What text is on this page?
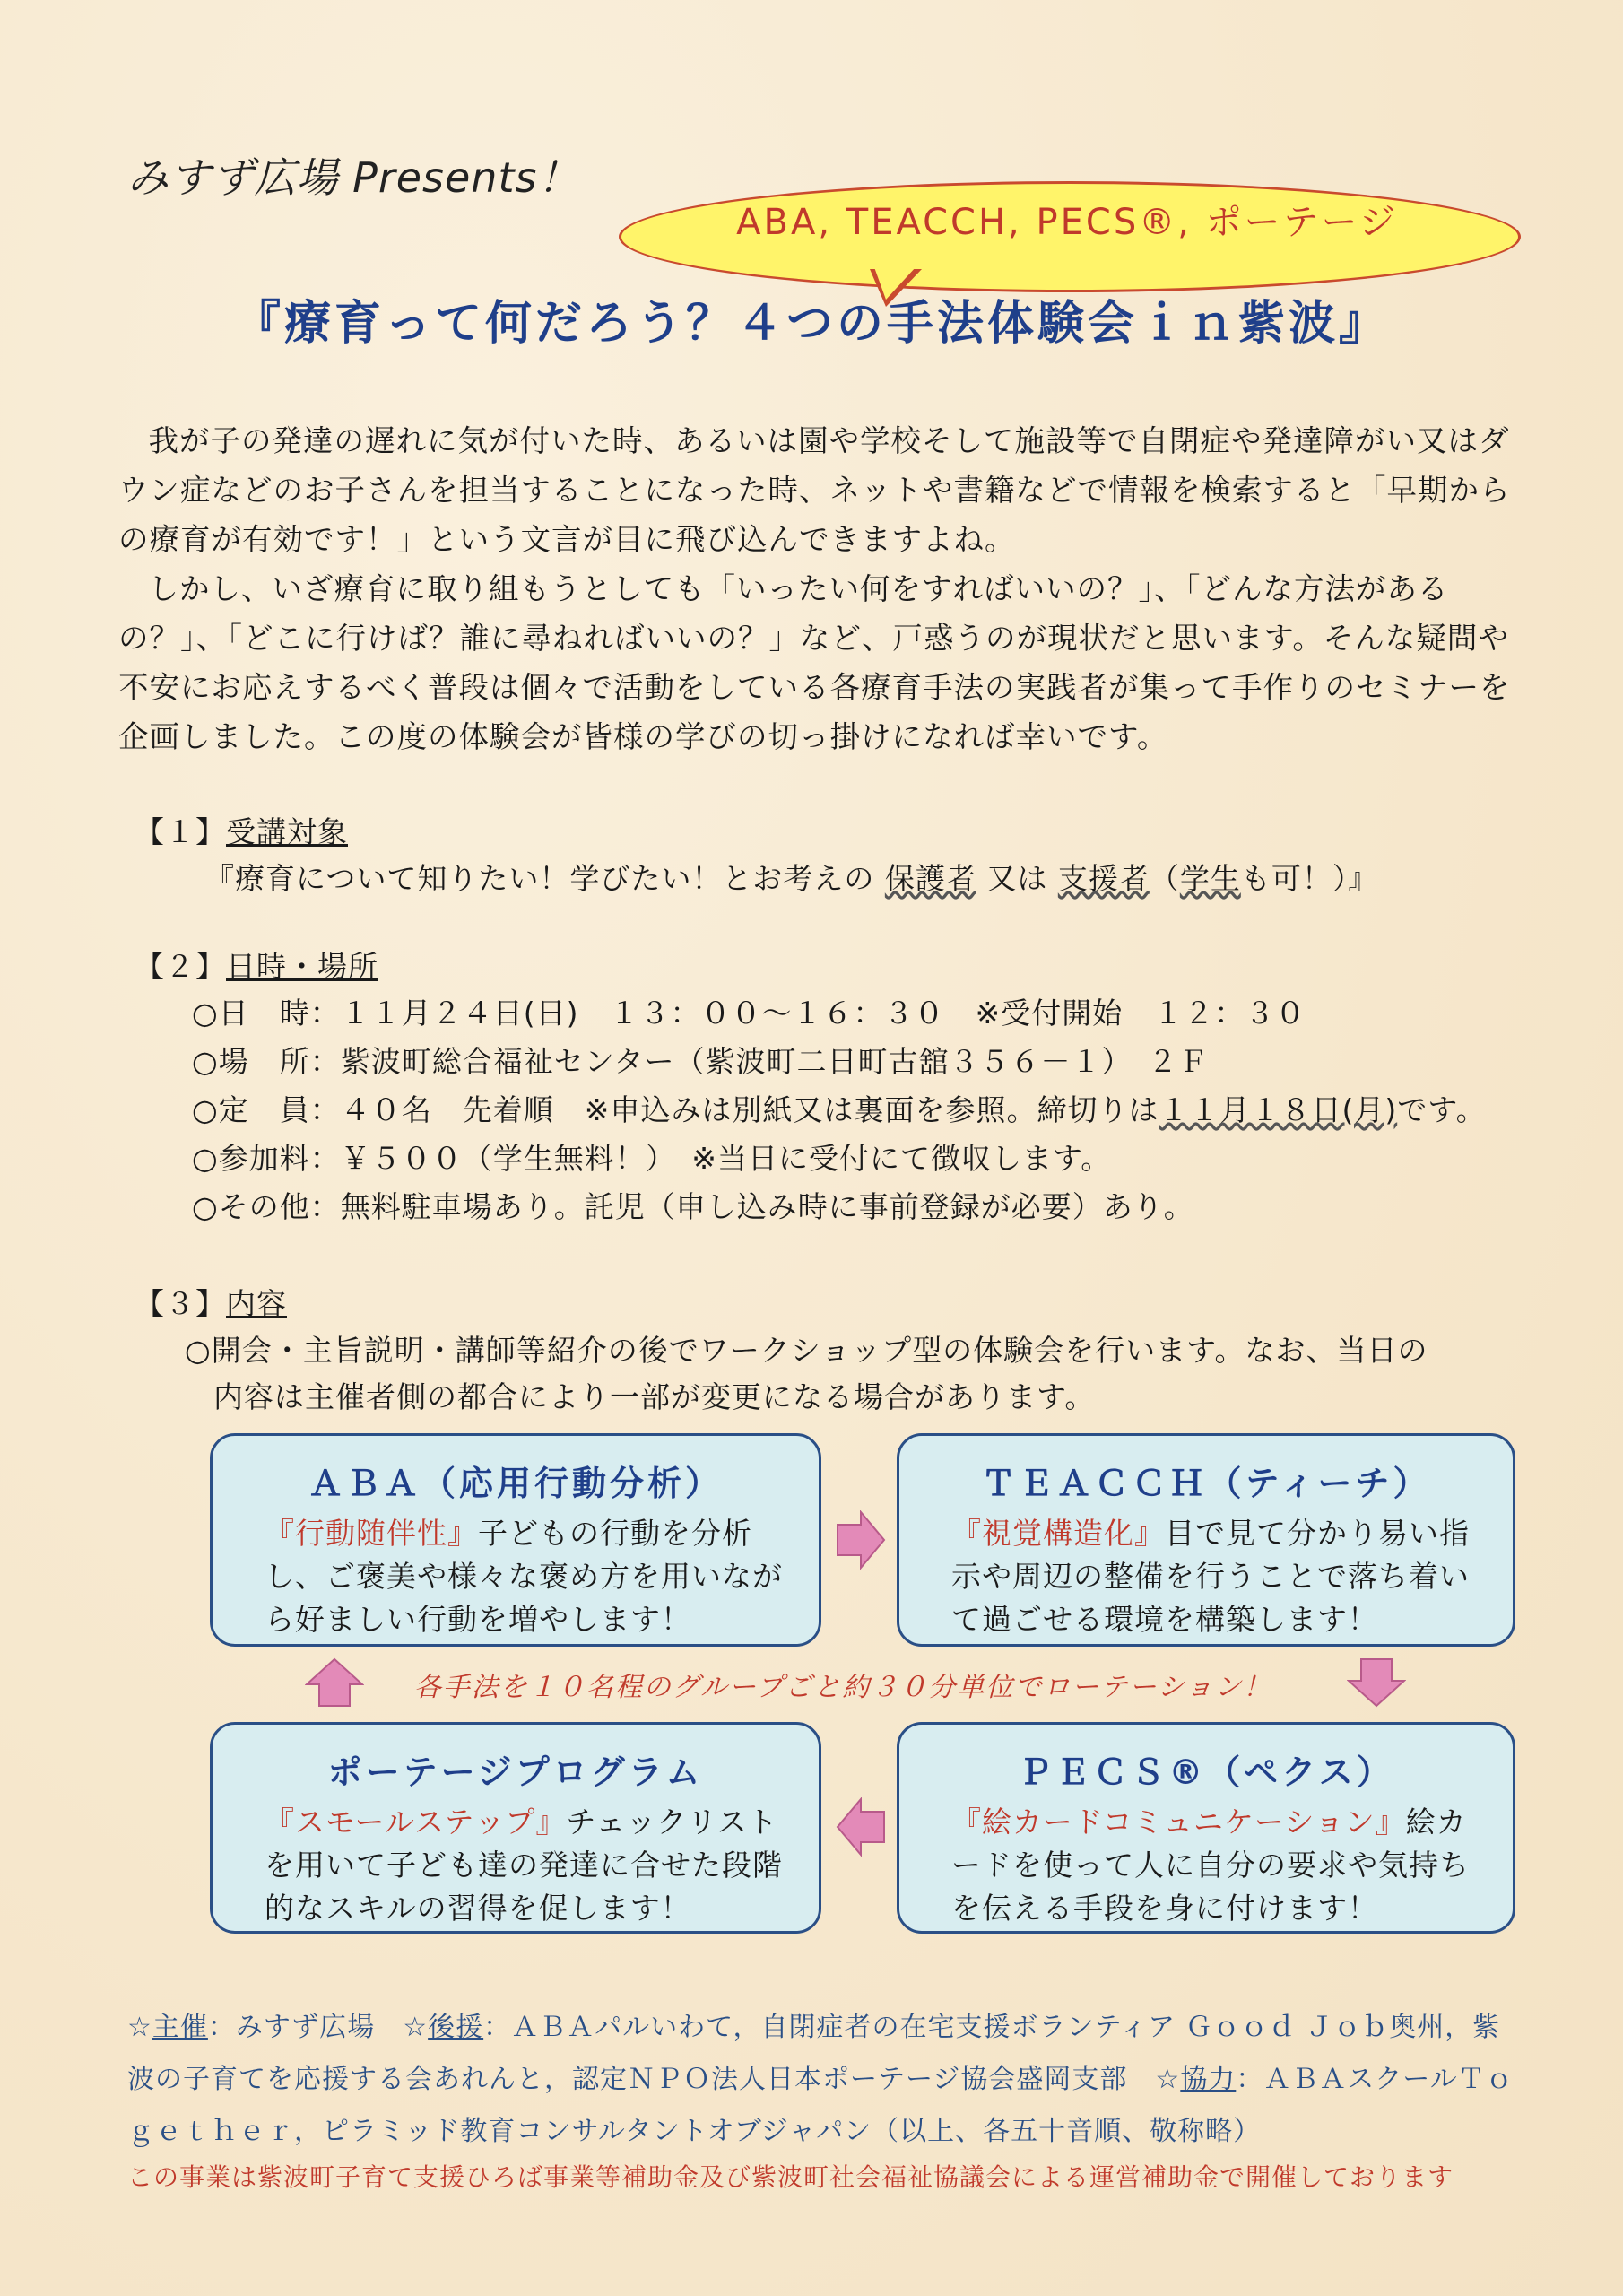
みすず広場 Presents！
ABA, TEACCH, PECS®, ポーテージ
『療育って何だろう？４つの手法体験会ｉｎ紫波』

我が子の発達の遅れに気が付いた時、あるいは園や学校そして施設等で自閉症や発達障がい又はダウン症などのお子さんを担当することになった時、ネットや書籍などで情報を検索すると「早期からの療育が有効です！」という文言が目に飛び込んできますよね。

しかし、いざ療育に取り組もうとしても「いったい何をすればいいの？」、「どんな方法があるの？」、「どこに行けば？誰に尋ねればいいの？」など、戸惑うのが現状だと思います。そんな疑問や不安にお応えするべく普段は個々で活動をしている各療育手法の実践者が集って手作りのセミナーを企画しました。この度の体験会が皆様の学びの切っ掛けになれば幸いです。

【１】受講対象
『療育について知りたい！学びたい！とお考えの 保護者 又は 支援者（学生も可！）』
【２】日時・場所
○日　時：１１月２４日(日)　１３：００～１６：３０　※受付開始　１２：３０
○場　所：紫波町総合福祉センター（紫波町二日町古舘３５６－１）　２Ｆ
○定　員：４０名　先着順　※申込みは別紙又は裏面を参照。締切りは１１月１８日(月)です。
○参加料：￥５００（学生無料！）　※当日に受付にて徴収します。
○その他：無料駐車場あり。託児（申し込み時に事前登録が必要）あり。
【３】内容
○開会・主旨説明・講師等紹介の後でワークショップ型の体験会を行います。なお、当日の
内容は主催者側の都合により一部が変更になる場合があります。
ＡＢＡ（応用行動分析）
『行動随伴性』子どもの行動を分析し、ご褒美や様々な褒め方を用いながら好ましい行動を増やします！
ＴＥＡＣＣＨ（ティーチ）
『視覚構造化』目で見て分かり易い指示や周辺の整備を行うことで落ち着いて過ごせる環境を構築します！
ポーテージプログラム
『スモールステップ』チェックリストを用いて子ども達の発達に合せた段階的なスキルの習得を促します！
ＰＥＣＳ®（ペクス）
『絵カードコミュニケーション』絵カードを使って人に自分の要求や気持ちを伝える手段を身に付けます！
各手法を１０名程のグループごと約３０分単位でローテーション！
☆主催：みすず広場　☆後援：ＡＢＡパルいわて，自閉症者の在宅支援ボランティア Ｇｏｏｄ Ｊｏｂ奥州，紫波の子育てを応援する会あれんと，認定ＮＰＯ法人日本ポーテージ協会盛岡支部　☆協力：ＡＢＡスクールＴｏｇｅｔｈｅｒ，ピラミッド教育コンサルタントオブジャパン（以上、各五十音順、敬称略）
この事業は紫波町子育て支援ひろば事業等補助金及び紫波町社会福祉協議会による運営補助金で開催しております
